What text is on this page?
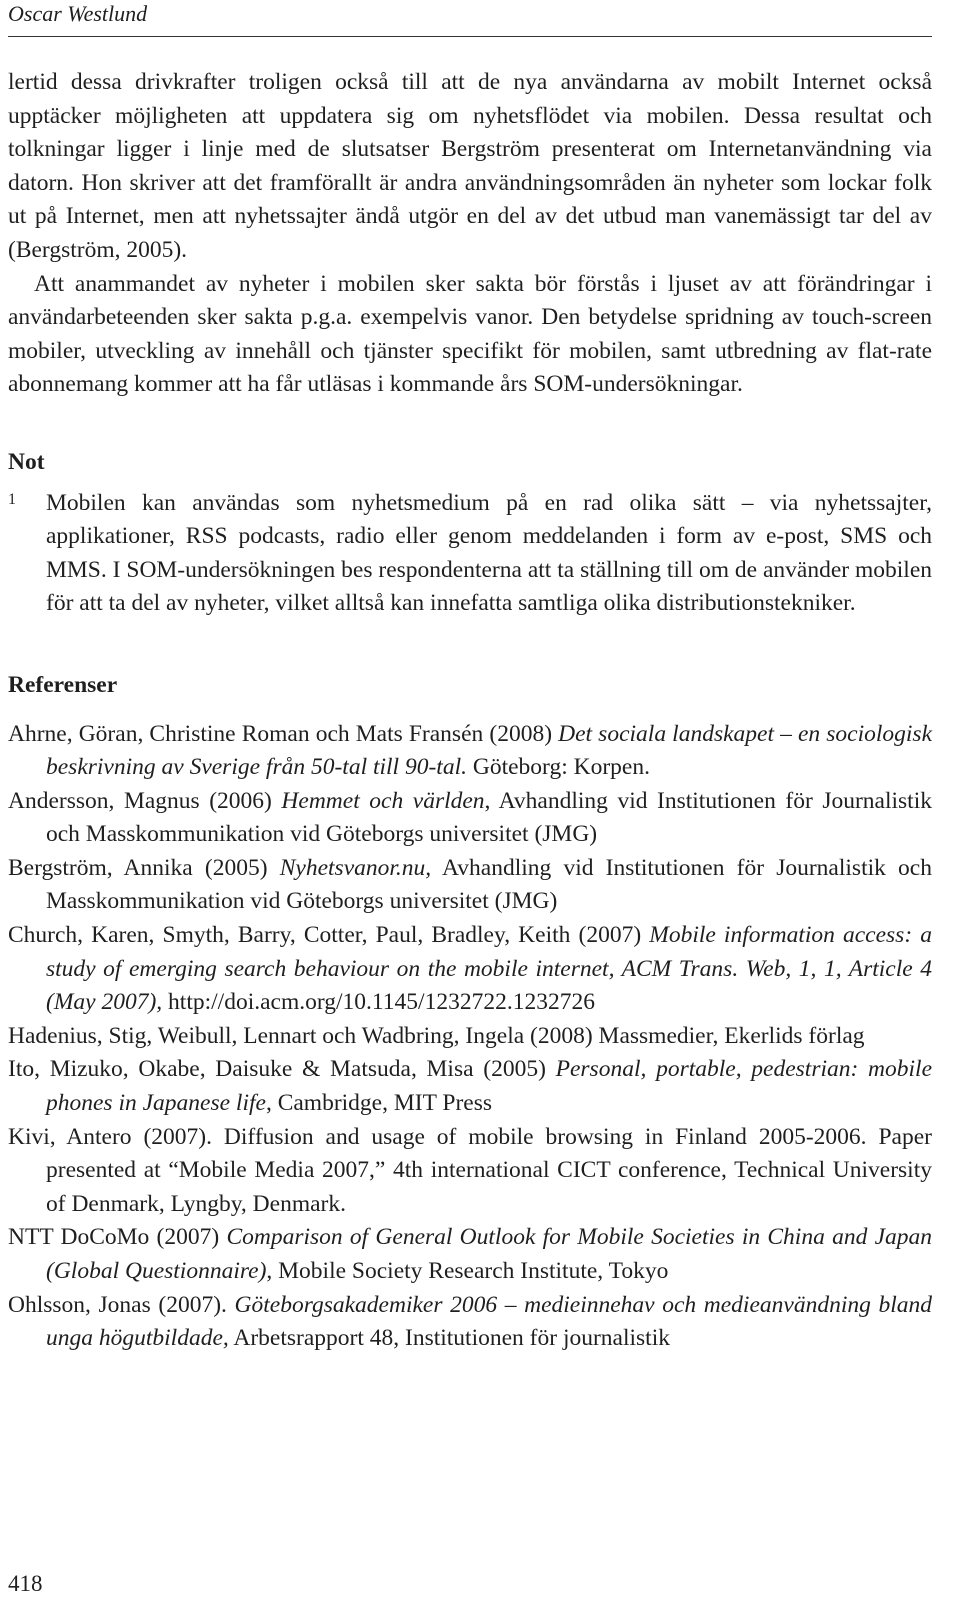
Oscar Westlund

lertid dessa drivkrafter troligen också till att de nya användarna av mobilt Internet också upptäcker möjligheten att uppdatera sig om nyhetsflödet via mobilen. Dessa resultat och tolkningar ligger i linje med de slutsatser Bergström presenterat om Internetanvändning via datorn. Hon skriver att det framförallt är andra användningsområden än nyheter som lockar folk ut på Internet, men att nyhetssajter ändå utgör en del av det utbud man vanemässigt tar del av (Bergström, 2005).

Att anammandet av nyheter i mobilen sker sakta bör förstås i ljuset av att förändringar i användarbeteenden sker sakta p.g.a. exempelvis vanor. Den betydelse spridning av touch-screen mobiler, utveckling av innehåll och tjänster specifikt för mobilen, samt utbredning av flat-rate abonnemang kommer att ha får utläsas i kommande års SOM-undersökningar.

Not
1 Mobilen kan användas som nyhetsmedium på en rad olika sätt – via nyhetssajter, applikationer, RSS podcasts, radio eller genom meddelanden i form av e-post, SMS och MMS. I SOM-undersökningen bes respondenterna att ta ställning till om de använder mobilen för att ta del av nyheter, vilket alltså kan innefatta samtliga olika distributionstekniker.
Referenser

Ahrne, Göran, Christine Roman och Mats Fransén (2008) Det sociala landskapet – en sociologisk beskrivning av Sverige från 50-tal till 90-tal. Göteborg: Korpen.

Andersson, Magnus (2006) Hemmet och världen, Avhandling vid Institutionen för Journalistik och Masskommunikation vid Göteborgs universitet (JMG)

Bergström, Annika (2005) Nyhetsvanor.nu, Avhandling vid Institutionen för Journalistik och Masskommunikation vid Göteborgs universitet (JMG)

Church, Karen, Smyth, Barry, Cotter, Paul, Bradley, Keith (2007) Mobile information access: a study of emerging search behaviour on the mobile internet, ACM Trans. Web, 1, 1, Article 4 (May 2007), http://doi.acm.org/10.1145/1232722.1232726

Hadenius, Stig, Weibull, Lennart och Wadbring, Ingela (2008) Massmedier, Ekerlids förlag

Ito, Mizuko, Okabe, Daisuke & Matsuda, Misa (2005) Personal, portable, pedestrian: mobile phones in Japanese life, Cambridge, MIT Press

Kivi, Antero (2007). Diffusion and usage of mobile browsing in Finland 2005-2006. Paper presented at “Mobile Media 2007,” 4th international CICT conference, Technical University of Denmark, Lyngby, Denmark.

NTT DoCoMo (2007) Comparison of General Outlook for Mobile Societies in China and Japan (Global Questionnaire), Mobile Society Research Institute, Tokyo

Ohlsson, Jonas (2007). Göteborgsakademiker 2006 – medieinnehav och medieanvändning bland unga högutbildade, Arbetsrapport 48, Institutionen för journalistik

418
